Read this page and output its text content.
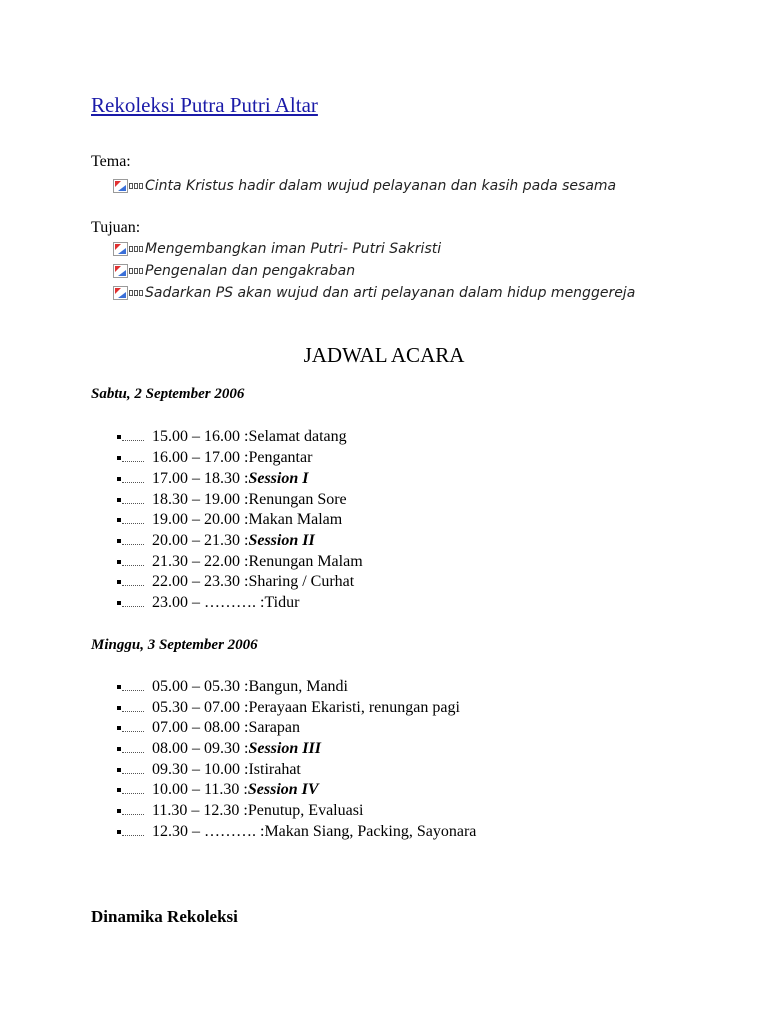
Rekoleksi Putra Putri Altar
Tema:
Cinta Kristus hadir dalam wujud pelayanan dan kasih pada sesama
Tujuan:
Mengembangkan iman Putri- Putri Sakristi
Pengenalan dan pengakraban
Sadarkan PS akan wujud dan arti pelayanan dalam hidup menggereja
JADWAL ACARA
Sabtu, 2 September 2006
15.00 – 16.00 : Selamat datang
16.00 – 17.00 : Pengantar
17.00 – 18.30 : Session I
18.30 – 19.00 : Renungan Sore
19.00 – 20.00 : Makan Malam
20.00 – 21.30 : Session II
21.30 – 22.00 : Renungan Malam
22.00 – 23.30 : Sharing / Curhat
23.00 – ………. : Tidur
Minggu, 3 September 2006
05.00 – 05.30 : Bangun, Mandi
05.30 – 07.00 : Perayaan Ekaristi, renungan pagi
07.00 – 08.00 : Sarapan
08.00 – 09.30 : Session III
09.30 – 10.00 : Istirahat
10.00 – 11.30 : Session IV
11.30 – 12.30 : Penutup, Evaluasi
12.30 – ………. : Makan Siang, Packing, Sayonara
Dinamika Rekoleksi
